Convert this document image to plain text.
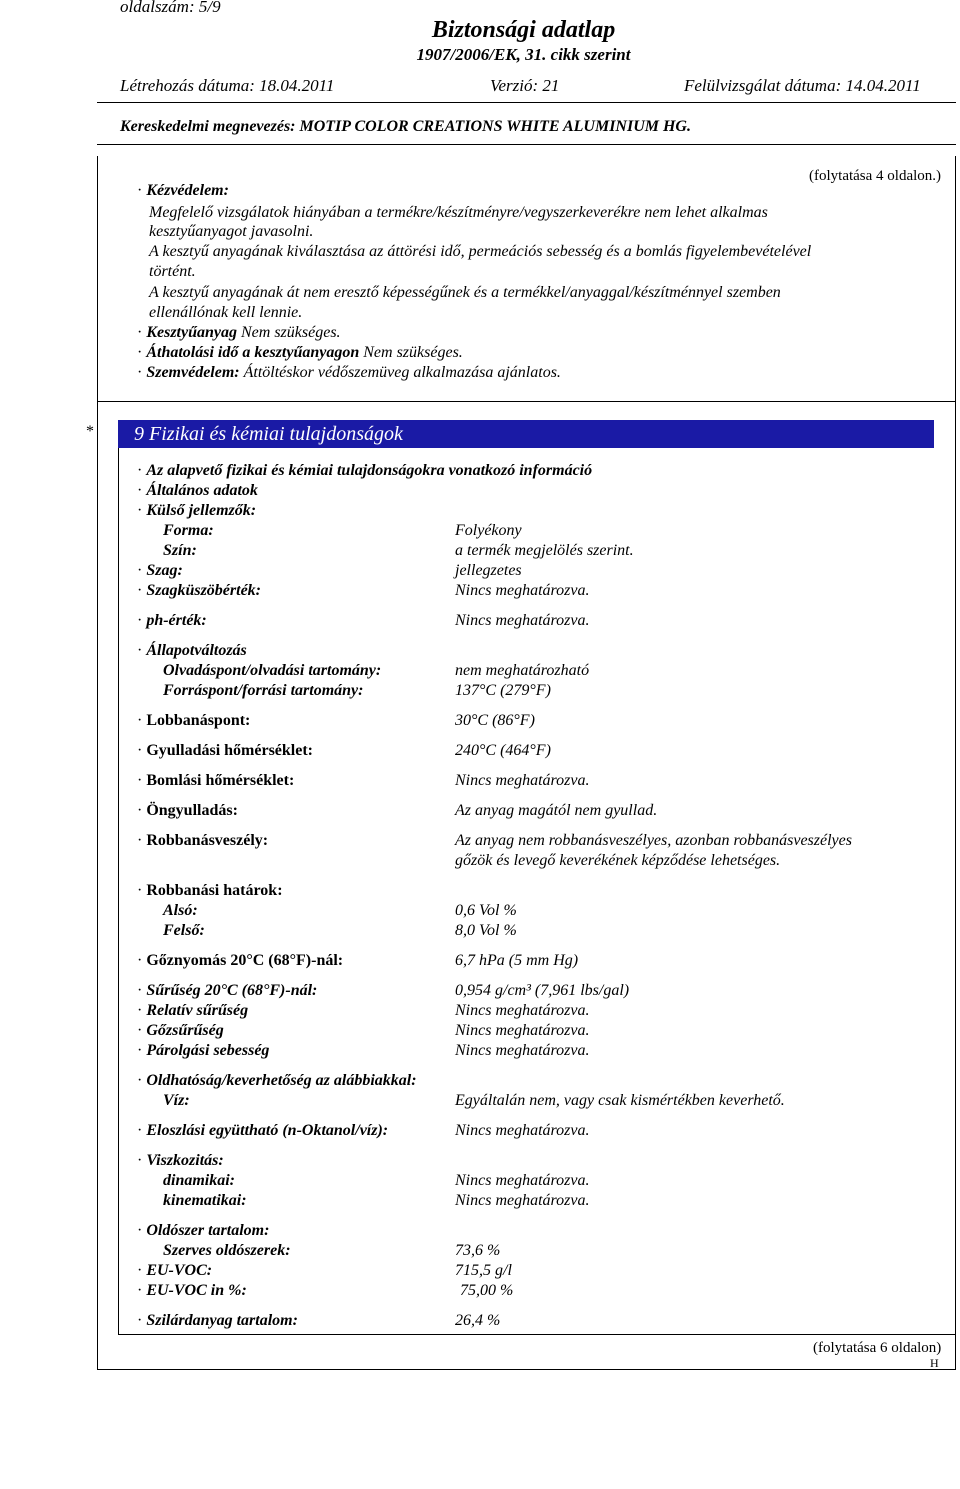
oldalszám: 5/9
Biztonsági adatlap
1907/2006/EK, 31. cikk szerint
Létrehozás dátuma: 18.04.2011	Verzió: 21	Felülvizsgálat dátuma: 14.04.2011
Kereskedelmi megnevezés: MOTIP COLOR CREATIONS WHITE ALUMINIUM HG.
(folytatása 4 oldalon.)
· Kézvédelem:
Megfelelő vizsgálatok hiányában a termékre/készítményre/vegyszerkeverékre nem lehet alkalmas
kesztyűanyagot javasolni.
A kesztyű anyagának kiválasztása az áttörési idő, permeációs sebesség és a bomlás figyelembevételével
történt.
A kesztyű anyagának át nem eresztő képességűnek és a termékkel/anyaggal/készítménnyel szemben
ellenállónak kell lennie.
· Kesztyűanyag Nem szükséges.
· Áthatolási idő a kesztyűanyagon Nem szükséges.
· Szemvédelem: Áttöltéskor védőszemüveg alkalmazása ajánlatos.
*	9 Fizikai és kémiai tulajdonságok
· Az alapvető fizikai és kémiai tulajdonságokra vonatkozó információ
· Általános adatok
· Külső jellemzők:
Forma:	Folyékony
Szín:	a termék megjelölés szerint.
· Szag:	jellegzetes
· Szagküszöbérték:	Nincs meghatározva.
· ph-érték:	Nincs meghatározva.
· Állapotváltozás
Olvadáspont/olvadási tartomány:	nem meghatározható
Forráspont/forrási tartomány:	137°C (279°F)
· Lobbanáspont:	30°C (86°F)
· Gyulladási hőmérséklet:	240°C (464°F)
· Bomlási hőmérséklet:	Nincs meghatározva.
· Öngyulladás:	Az anyag magától nem gyullad.
· Robbanásveszély:	Az anyag nem robbanásveszélyes, azonban robbanásveszélyes
gőzök és levegő keverékének képződése lehetséges.
· Robbanási határok:
Alsó:	0,6 Vol %
Felső:	8,0 Vol %
· Gőznyomás 20°C (68°F)-nál:	6,7 hPa (5 mm Hg)
· Sűrűség 20°C (68°F)-nál:	0,954 g/cm³ (7,961 lbs/gal)
· Relatív sűrűség	Nincs meghatározva.
· Gőzsűrűség	Nincs meghatározva.
· Párolgási sebesség	Nincs meghatározva.
· Oldhatóság/keverhetőség az alábbiakkal:
Víz:	Egyáltalán nem, vagy csak kismértékben keverhető.
· Eloszlási együttható (n-Oktanol/víz):	Nincs meghatározva.
· Viszkozitás:
dinamikai:	Nincs meghatározva.
kinematikai:	Nincs meghatározva.
· Oldószer tartalom:
Szerves oldószerek:	73,6 %
· EU-VOC:	715,5 g/l
· EU-VOC in %:	75,00 %
· Szilárdanyag tartalom:	26,4 %
(folytatása 6 oldalon)
H
